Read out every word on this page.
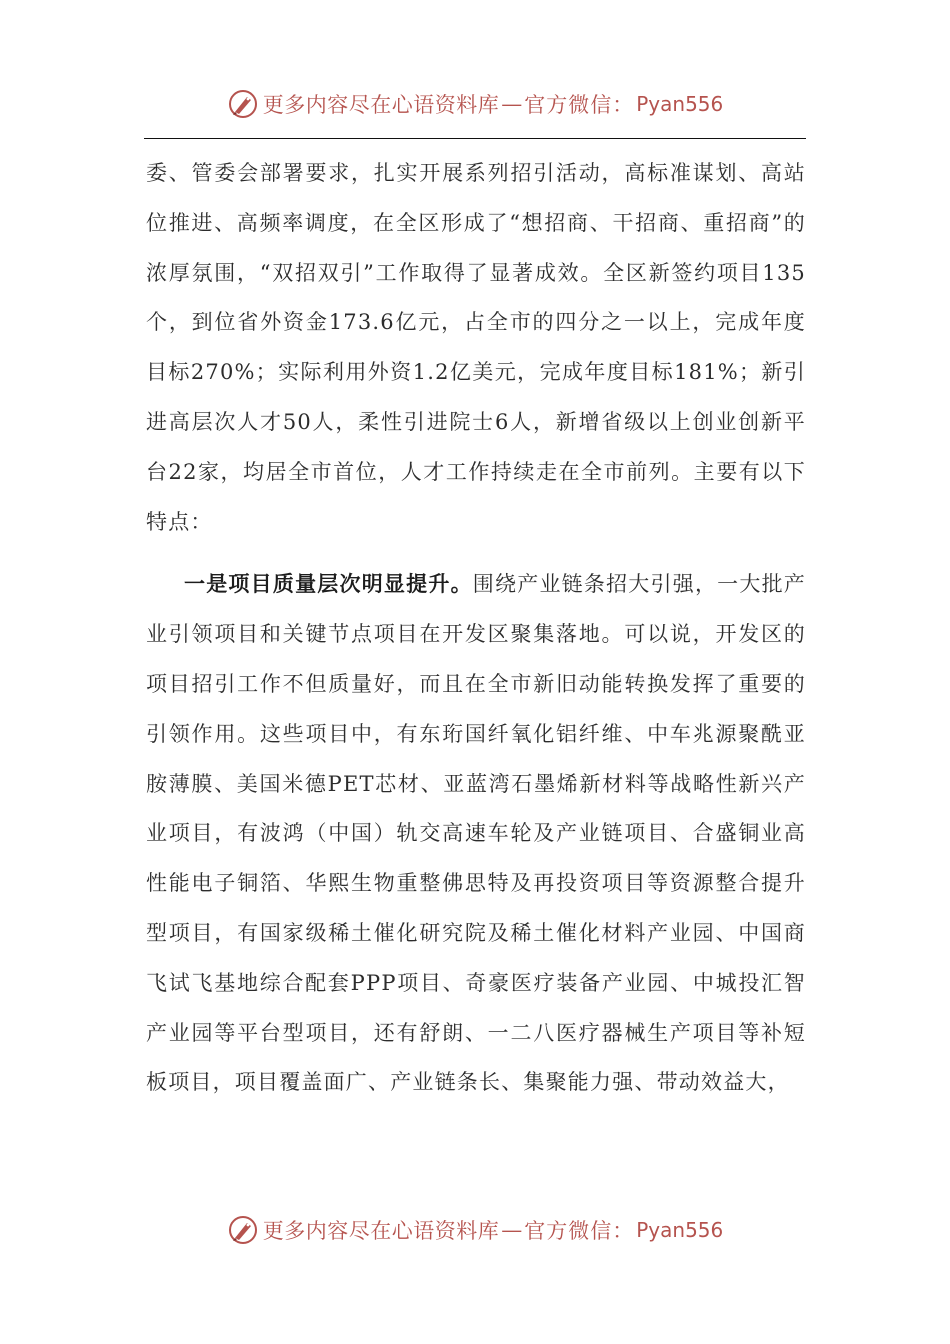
更多内容尽在心语资料库 — 官方微信： Pyan556

委、管委会部署要求，扎实开展系列招引活动，高标准谋划、高站位推进、高频率调度，在全区形成了“想招商、干招商、重招商”的浓厚氛围，“双招双引”工作取得了显著成效。全区新签约项目135个，到位省外资金173.6亿元，占全市的四分之一以上，完成年度目标270%；实际利用外资1.2亿美元，完成年度目标181%；新引进高层次人才50人，柔性引进院士6人，新增省级以上创业创新平台22家，均居全市首位，人才工作持续走在全市前列。主要有以下特点：

一是项目质量层次明显提升。围绕产业链条招大引强，一大批产业引领项目和关键节点项目在开发区聚集落地。可以说，开发区的项目招引工作不但质量好，而且在全市新旧动能转换发挥了重要的引领作用。这些项目中，有东珩国纤氧化铝纤维、中车兆源聚酰亚胺薄膜、美国米德PET芯材、亚蓝湾石墨烯新材料等战略性新兴产业项目，有波鸿（中国）轨交高速车轮及产业链项目、合盛铜业高性能电子铜箔、华熙生物重整佛思特及再投资项目等资源整合提升型项目，有国家级稀土催化研究院及稀土催化材料产业园、中国商飞试飞基地综合配套PPP项目、奇豪医疗装备产业园、中城投汇智产业园等平台型项目，还有舒朗、一二八医疗器械生产项目等补短板项目，项目覆盖面广、产业链条长、集聚能力强、带动效益大，

更多内容尽在心语资料库 — 官方微信： Pyan556
